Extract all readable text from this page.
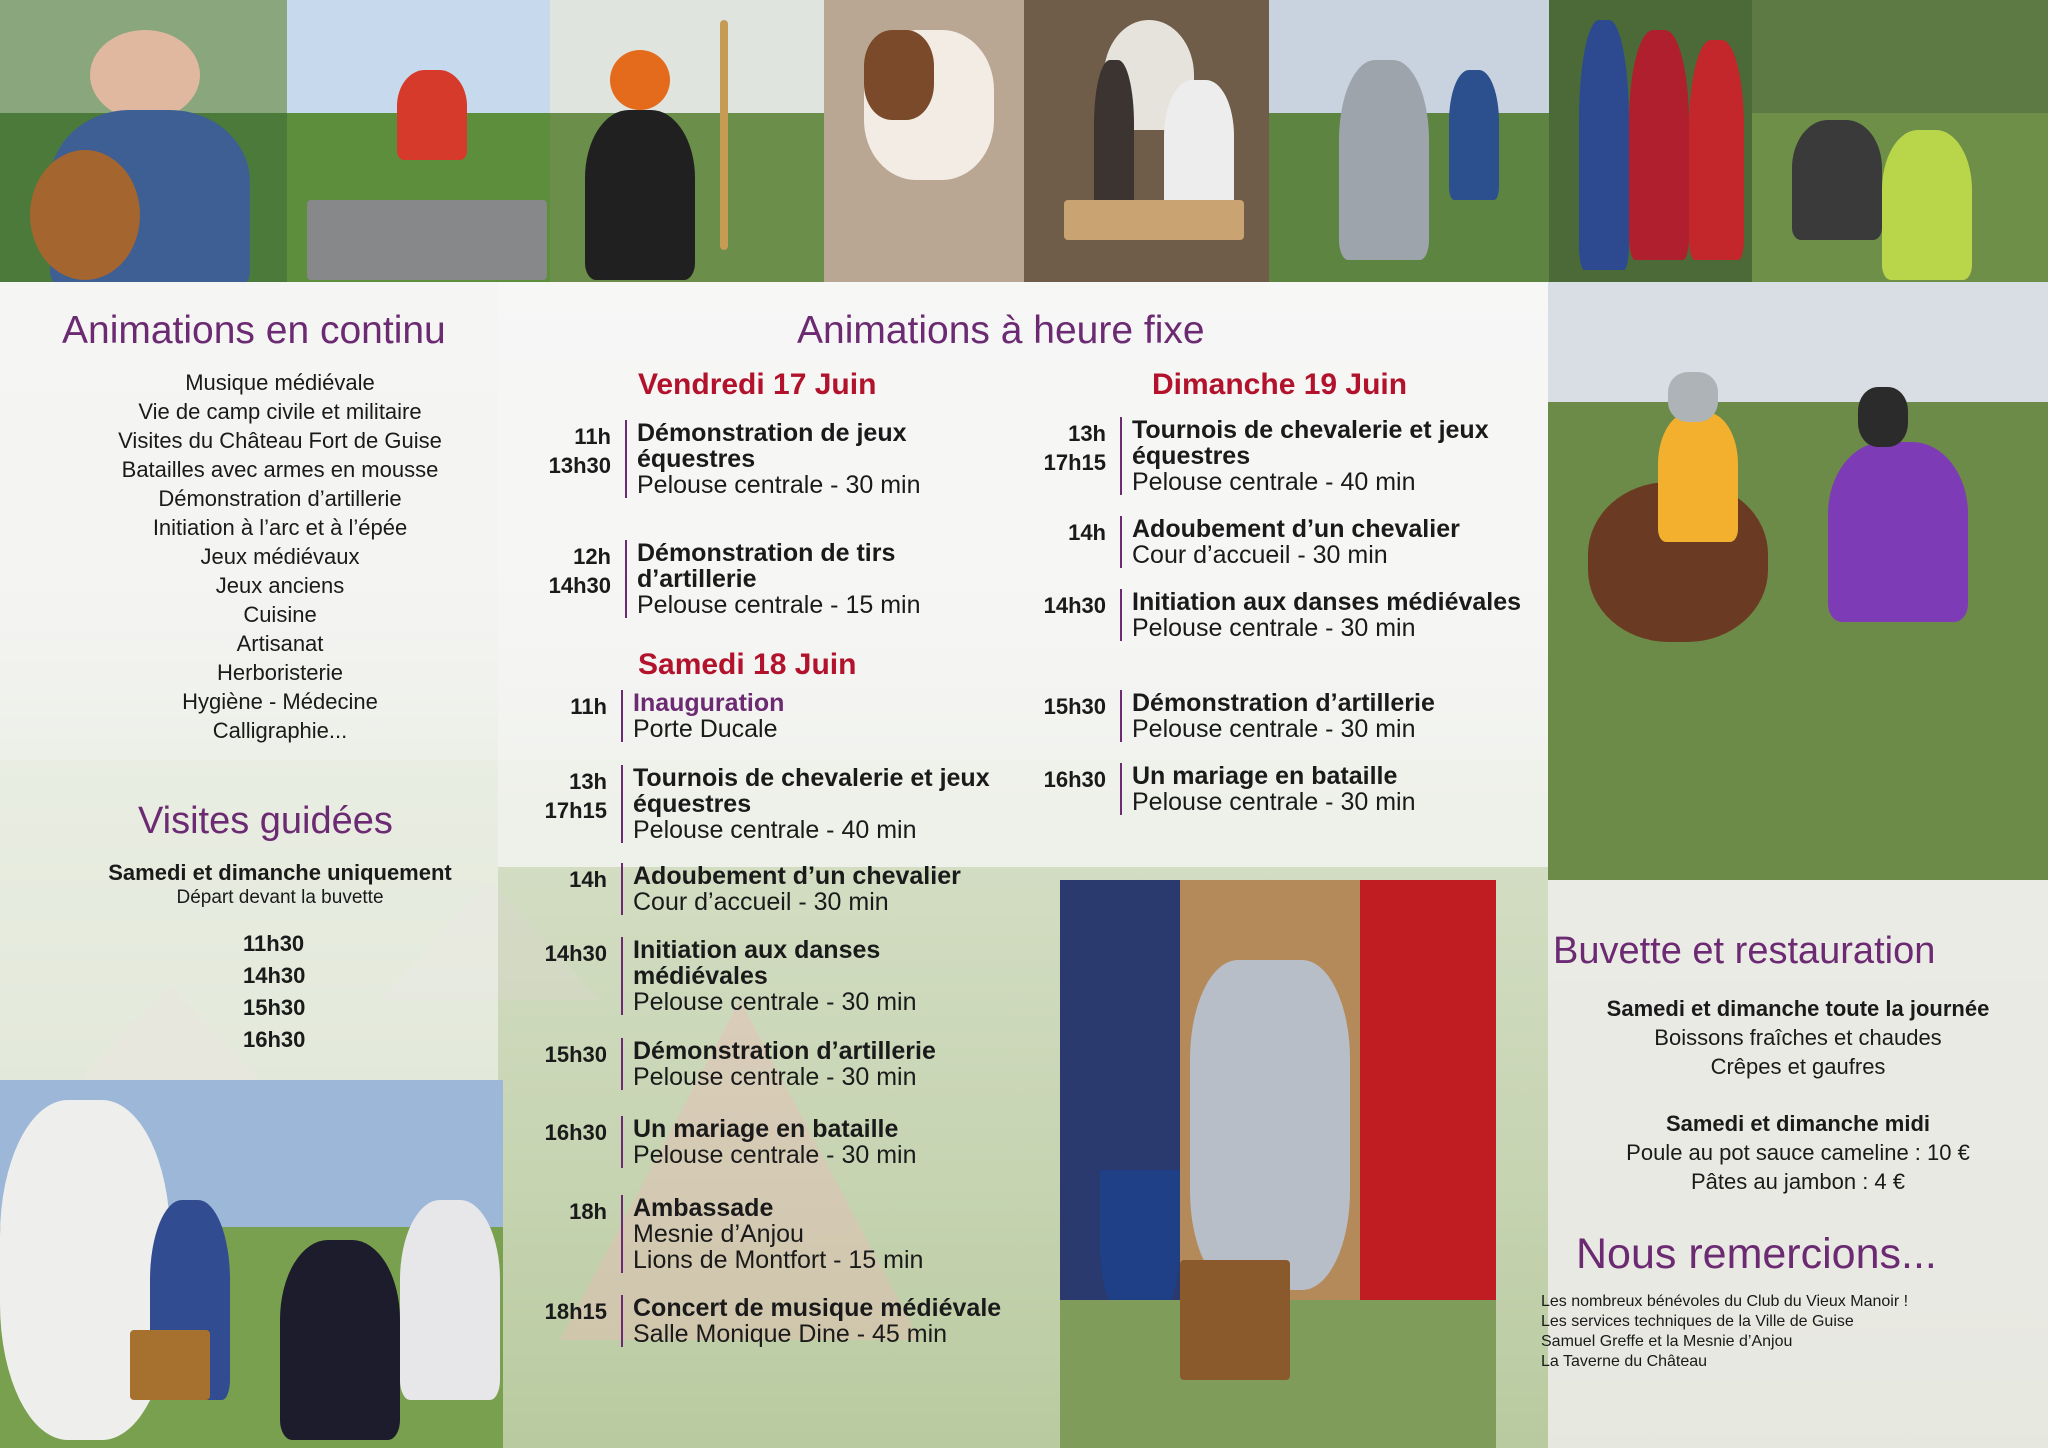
Animations en continu
Musique médiévale
Vie de camp civile et militaire
Visites du Château Fort de Guise
Batailles avec armes en mousse
Démonstration d’artillerie
Initiation à l’arc et à l’épée
Jeux médiévaux
Jeux anciens
Cuisine
Artisanat
Herboristerie
Hygiène - Médecine
Calligraphie...
Visites guidées
Samedi et dimanche uniquement
Départ devant la buvette
11h30
14h30
15h30
16h30
Animations à heure fixe
Vendredi 17 Juin
11h
13h30
Démonstration de jeux équestres
Pelouse centrale - 30 min
12h
14h30
Démonstration de tirs d’artillerie
Pelouse centrale - 15 min
Samedi 18 Juin
11h Inauguration
Porte Ducale
13h
17h15
Tournois de chevalerie et jeux équestres
Pelouse centrale - 40 min
14h Adoubement d’un chevalier
Cour d’accueil - 30 min
14h30 Initiation aux danses médiévales
Pelouse centrale - 30 min
15h30 Démonstration d’artillerie
Pelouse centrale - 30 min
16h30 Un mariage en bataille
Pelouse centrale - 30 min
18h Ambassade
Mesnie d’Anjou
Lions de Montfort - 15 min
18h15 Concert de musique médiévale
Salle Monique Dine - 45 min
Dimanche 19 Juin
13h
17h15
Tournois de chevalerie et jeux équestres
Pelouse centrale - 40 min
14h Adoubement d’un chevalier
Cour d’accueil - 30 min
14h30 Initiation aux danses médiévales
Pelouse centrale - 30 min
15h30 Démonstration d’artillerie
Pelouse centrale - 30 min
16h30 Un mariage en bataille
Pelouse centrale - 30 min
Buvette et restauration
Samedi et dimanche toute la journée
Boissons fraîches et chaudes
Crêpes et gaufres
Samedi et dimanche midi
Poule au pot sauce cameline : 10 €
Pâtes au jambon : 4 €
Nous remercions...
Les nombreux bénévoles du Club du Vieux Manoir !
Les services techniques de la Ville de Guise
Samuel Greffe et la Mesnie d’Anjou
La Taverne du Château
